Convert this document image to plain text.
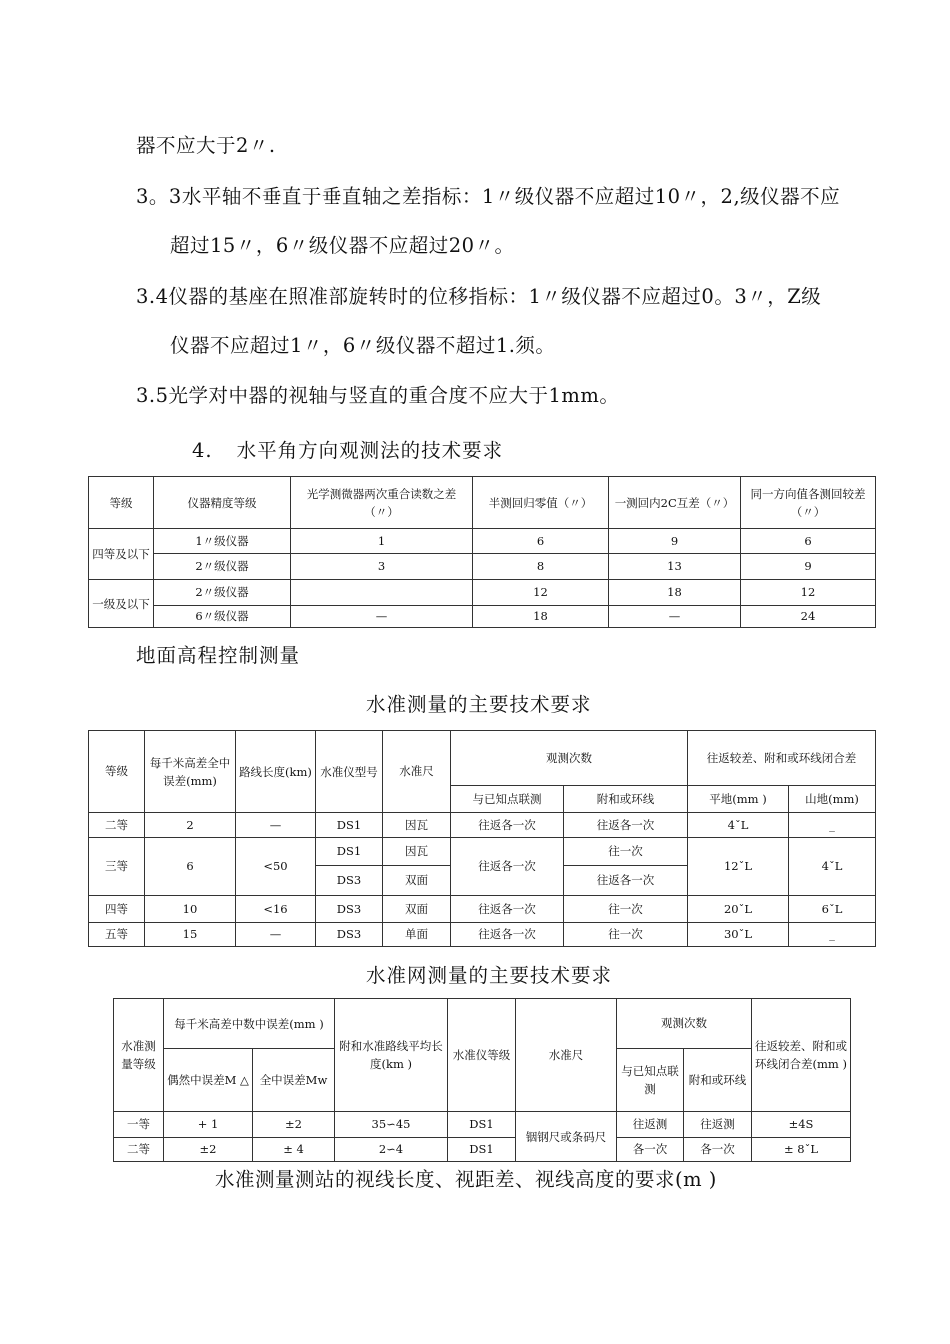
器不应大于2〃.
3。3水平轴不垂直于垂直轴之差指标：1〃级仪器不应超过10〃，2,级仪器不应
超过15〃，6〃级仪器不应超过20〃。
3.4仪器的基座在照准部旋转时的位移指标：1〃级仪器不应超过0。3〃，Z级
仪器不应超过1〃，6〃级仪器不超过1.须。
3.5光学对中器的视轴与竖直的重合度不应大于1mm。
4. 水平角方向观测法的技术要求
等级	仪器精度等级	光学测微器两次重合读数之差（〃）	半测回归零值（〃）	一测回内2C互差（〃）	同一方向值各测回较差（〃）
四等及以下	1〃级仪器	1	6	9	6
	2〃级仪器	3	8	13	9
一级及以下	2〃级仪器		12	18	12
	6〃级仪器	—	18	—	24
地面高程控制测量
水准测量的主要技术要求
等级	每千米高差全中误差(mm)	路线长度(km)	水准仪型号	水准尺	观测次数		往返较差、附和或环线闭合差	
					与已知点联测	附和或环线	平地(mm )	山地(mm)
二等	2	—	DS1	因瓦	往返各一次	往返各一次	4ˇL	_
三等	6	<50	DS1	因瓦	往返各一次	往一次	12ˇL	4ˇL
			DS3	双面		往返各一次		
四等	10	<16	DS3	双面	往返各一次	往一次	20ˇL	6ˇL
五等	15	—	DS3	单面	往返各一次	往一次	30ˇL	_
水准网测量的主要技术要求
水准测量等级	每千米高差中数中误差(mm )		附和水准路线平均长度(km )	水准仪等级	水准尺	观测次数		往返较差、附和或环线闭合差(mm )
	偶然中误差M △	全中误差Mw				与已知点联测	附和或环线	
一等	+ 1	±2	35∽45	DS1	铟钢尺或条码尺	往返测	往返测	±4S
二等	±2	± 4	2∽4	DS1		各一次	各一次	± 8ˇL
水准测量测站的视线长度、视距差、视线高度的要求(m )
